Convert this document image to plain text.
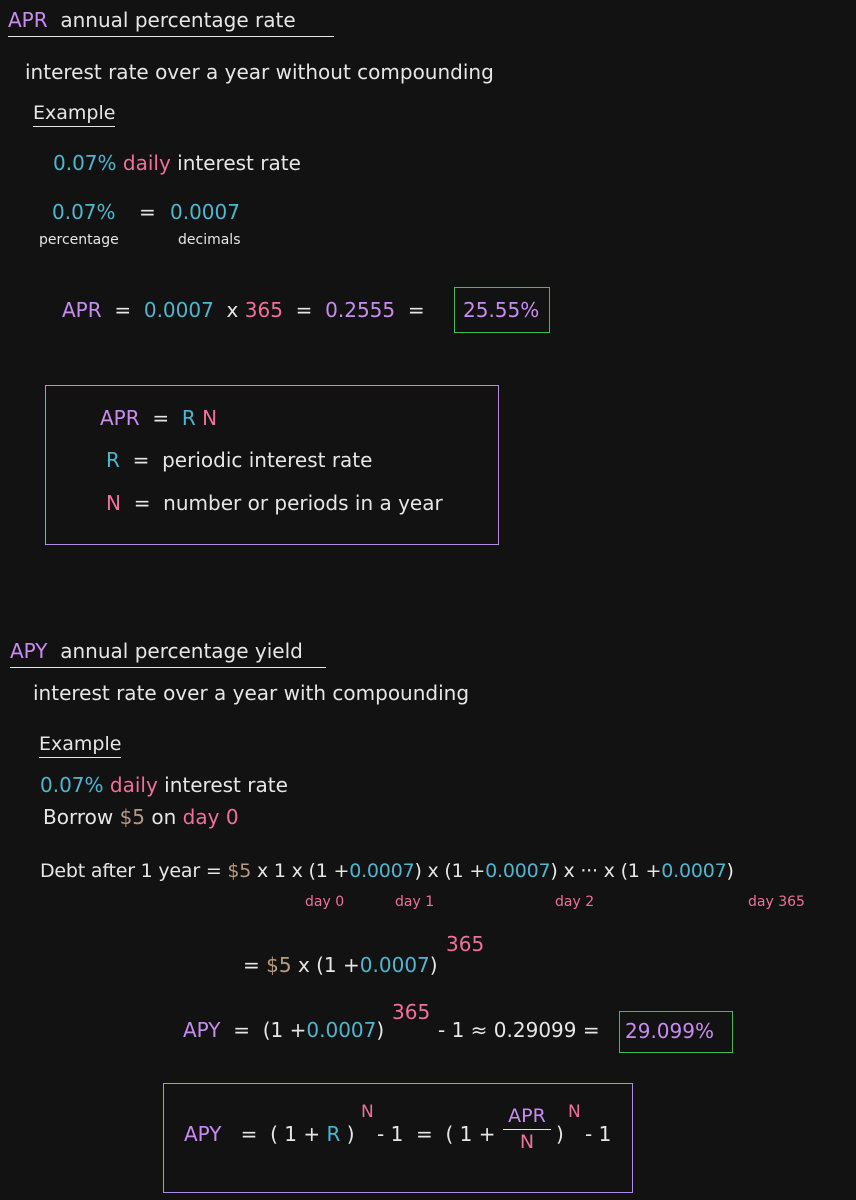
APR annual percentage rate
interest rate over a year without compounding
Example
0.07% daily interest rate
0.07% = 0.0007
percentage	decimals
APR = 0.0007 x 365 = 0.2555 = 25.55%
APR = R N
R = periodic interest rate
N = number or periods in a year
APY annual percentage yield
interest rate over a year with compounding
Example
0.07% daily interest rate
Borrow $5 on day 0
Debt after 1 year = $5 x 1 x (1 +0.0007) x (1 +0.0007) x ··· x (1 +0.0007)
day 0	day 1	day 2	day 365
= $5 x (1 +0.0007)
365
APY = (1 +0.0007)
365
- 1 ≈ 0.29099 = 29.099%
APY = ( 1 + R )
N
- 1  =  ( 1 +
APR
N	)
N
- 1
